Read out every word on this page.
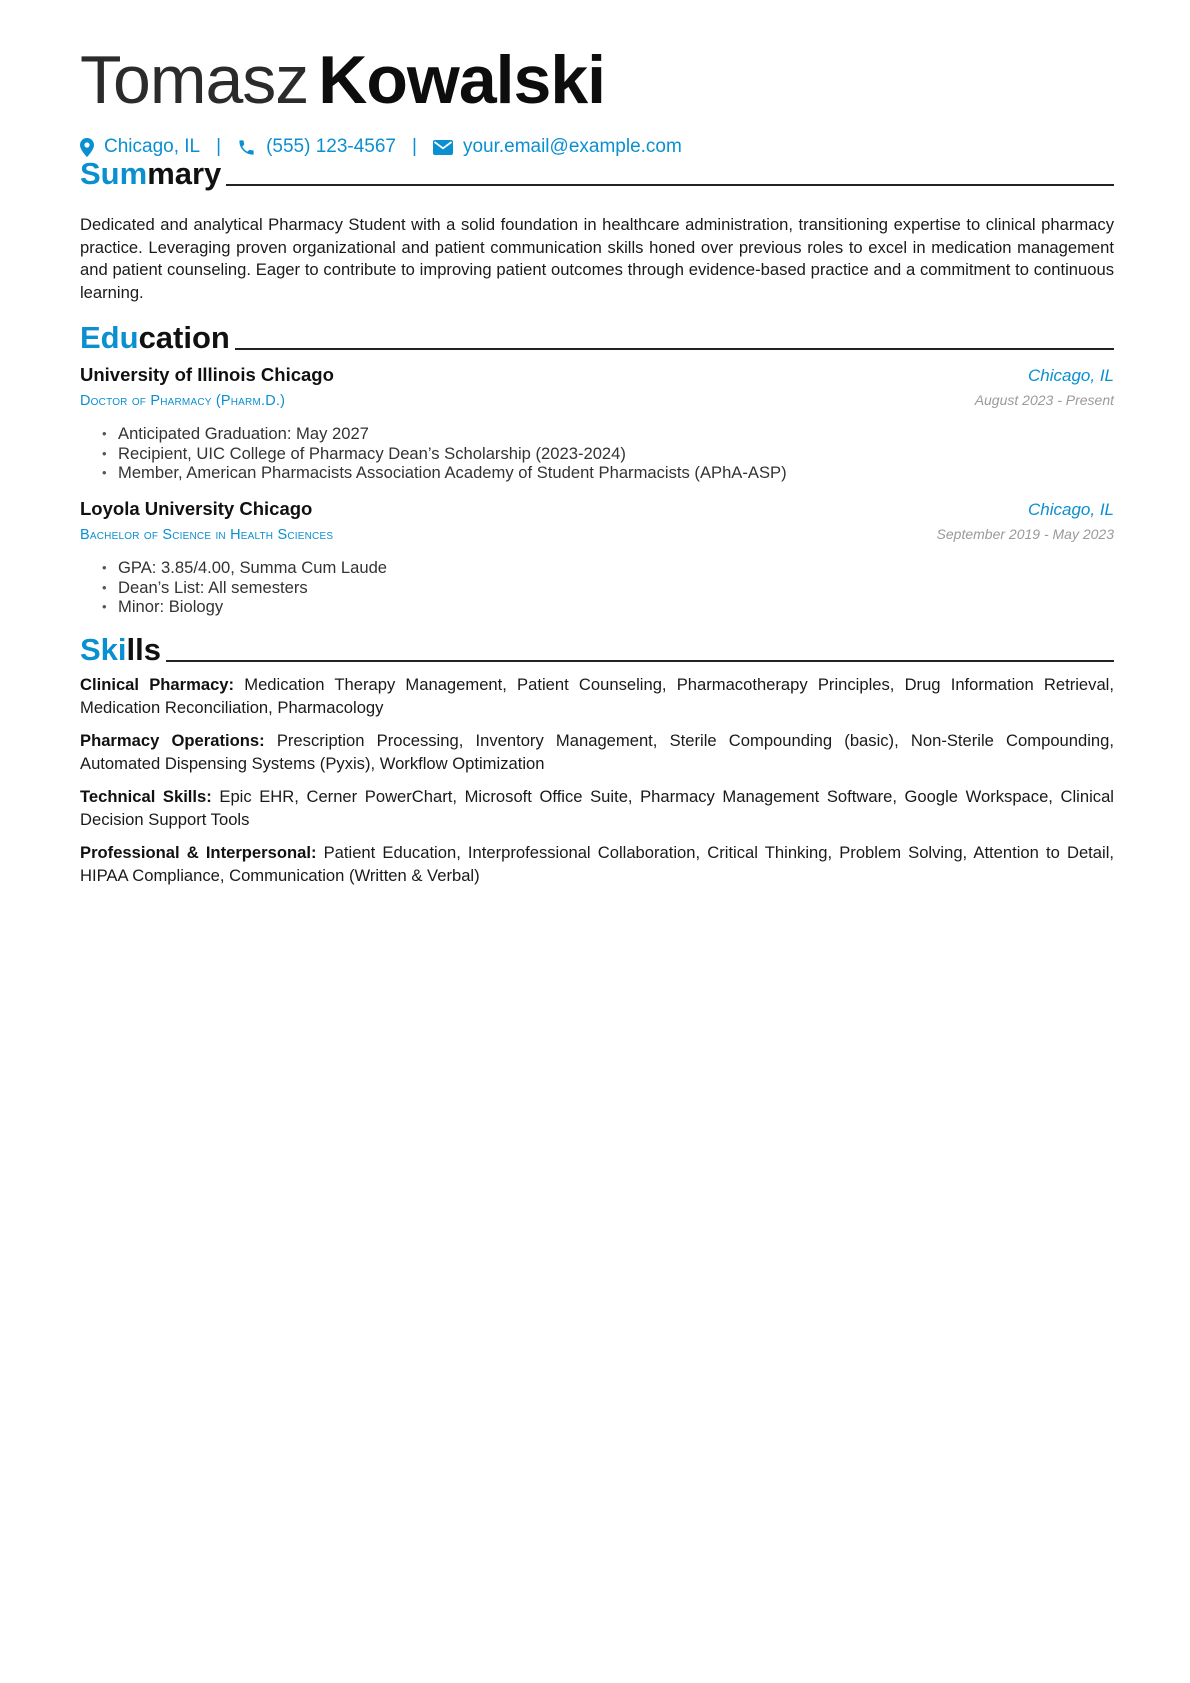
Tomasz Kowalski
Chicago, IL | (555) 123-4567 | your.email@example.com
Summary
Dedicated and analytical Pharmacy Student with a solid foundation in healthcare administration, transitioning expertise to clinical pharmacy practice. Leveraging proven organizational and patient communication skills honed over previous roles to excel in medication management and patient counseling. Eager to contribute to improving patient outcomes through evidence-based practice and a commitment to continuous learning.
Education
University of Illinois Chicago	Chicago, IL
Doctor of Pharmacy (Pharm.D.)	August 2023 - Present
• Anticipated Graduation: May 2027
• Recipient, UIC College of Pharmacy Dean’s Scholarship (2023-2024)
• Member, American Pharmacists Association Academy of Student Pharmacists (APhA-ASP)
Loyola University Chicago	Chicago, IL
Bachelor of Science in Health Sciences	September 2019 - May 2023
• GPA: 3.85/4.00, Summa Cum Laude
• Dean’s List: All semesters
• Minor: Biology
Skills
Clinical Pharmacy: Medication Therapy Management, Patient Counseling, Pharmacotherapy Principles, Drug Information Retrieval, Medication Reconciliation, Pharmacology
Pharmacy Operations: Prescription Processing, Inventory Management, Sterile Compounding (basic), Non-Sterile Compounding, Automated Dispensing Systems (Pyxis), Workflow Optimization
Technical Skills: Epic EHR, Cerner PowerChart, Microsoft Office Suite, Pharmacy Management Software, Google Workspace, Clinical Decision Support Tools
Professional & Interpersonal: Patient Education, Interprofessional Collaboration, Critical Thinking, Problem Solving, Attention to Detail, HIPAA Compliance, Communication (Written & Verbal)
